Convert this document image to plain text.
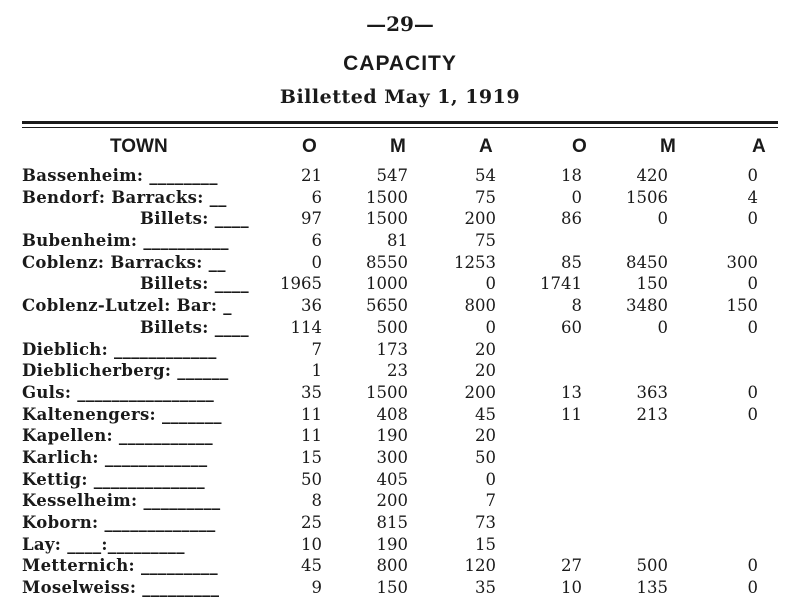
—29—
CAPACITY
Billetted May 1, 1919
TOWN	O	M	A	O	M	A
Bassenheim: ________	21	547	54	18	420	0
Bendorf: Barracks: __	6	1500	75	0	1506	4
Billets: ____	97	1500	200	86	0	0
Bubenheim: __________	6	81	75
Coblenz: Barracks: __	0	8550	1253	85	8450	300
Billets: ____	1965	1000	0	1741	150	0
Coblenz-Lutzel: Bar: _	36	5650	800	8	3480	150
Billets: ____	114	500	0	60	0	0
Dieblich: ____________	7	173	20
Dieblicherberg: ______	1	23	20
Guls: ________________	35	1500	200	13	363	0
Kaltenengers: _______	11	408	45	11	213	0
Kapellen: ___________	11	190	20
Karlich: ____________	15	300	50
Kettig: _____________	50	405	0
Kesselheim: _________	8	200	7
Koborn: _____________	25	815	73
Lay: ____:_________	10	190	15
Metternich: _________	45	800	120	27	500	0
Moselweiss: _________	9	150	35	10	135	0
